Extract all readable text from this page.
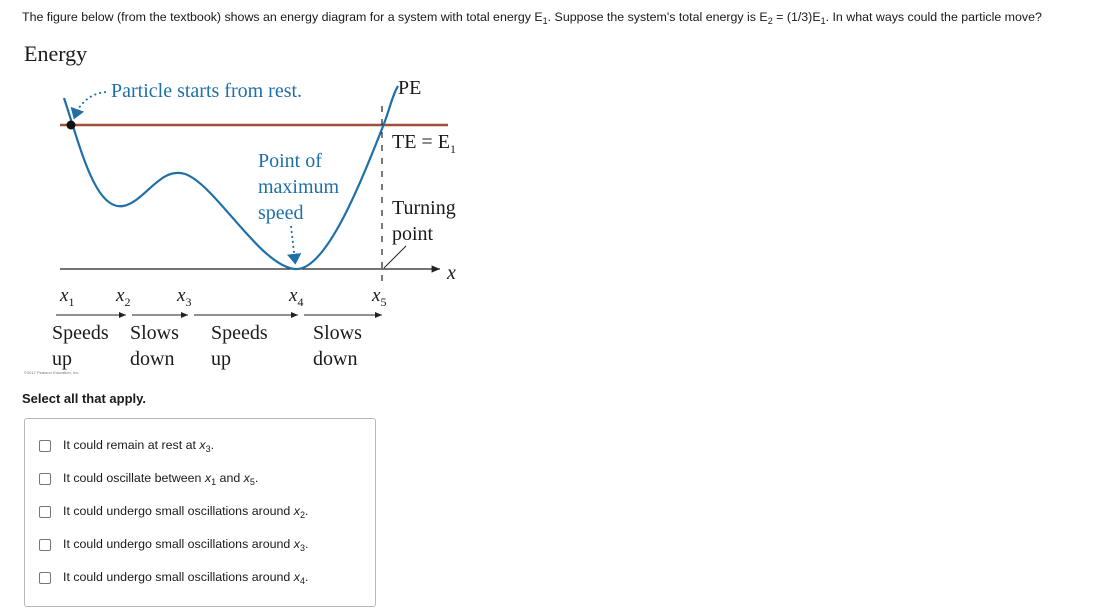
The figure below (from the textbook) shows an energy diagram for a system with total energy $E_1$. Suppose the system's total energy is $E_2 = (1/3)E_1$. In what ways could the particle move?
Energy
x
Particle starts from rest.
Point of
maximum
speed
PE
TE = $E_1$
Turning
point
$x_1$ $x_2$ $x_3$	$x_4$	$x_5$
Speeds
up
Slows
down
Speeds
up
Slows
down
©2017 Pearson Education, Inc.
Select all that apply.
It could remain at rest at $x_3$.
It could oscillate between $x_1$ and $x_5$.
It could undergo small oscillations around $x_2$.
It could undergo small oscillations around $x_3$.
It could undergo small oscillations around $x_4$.
